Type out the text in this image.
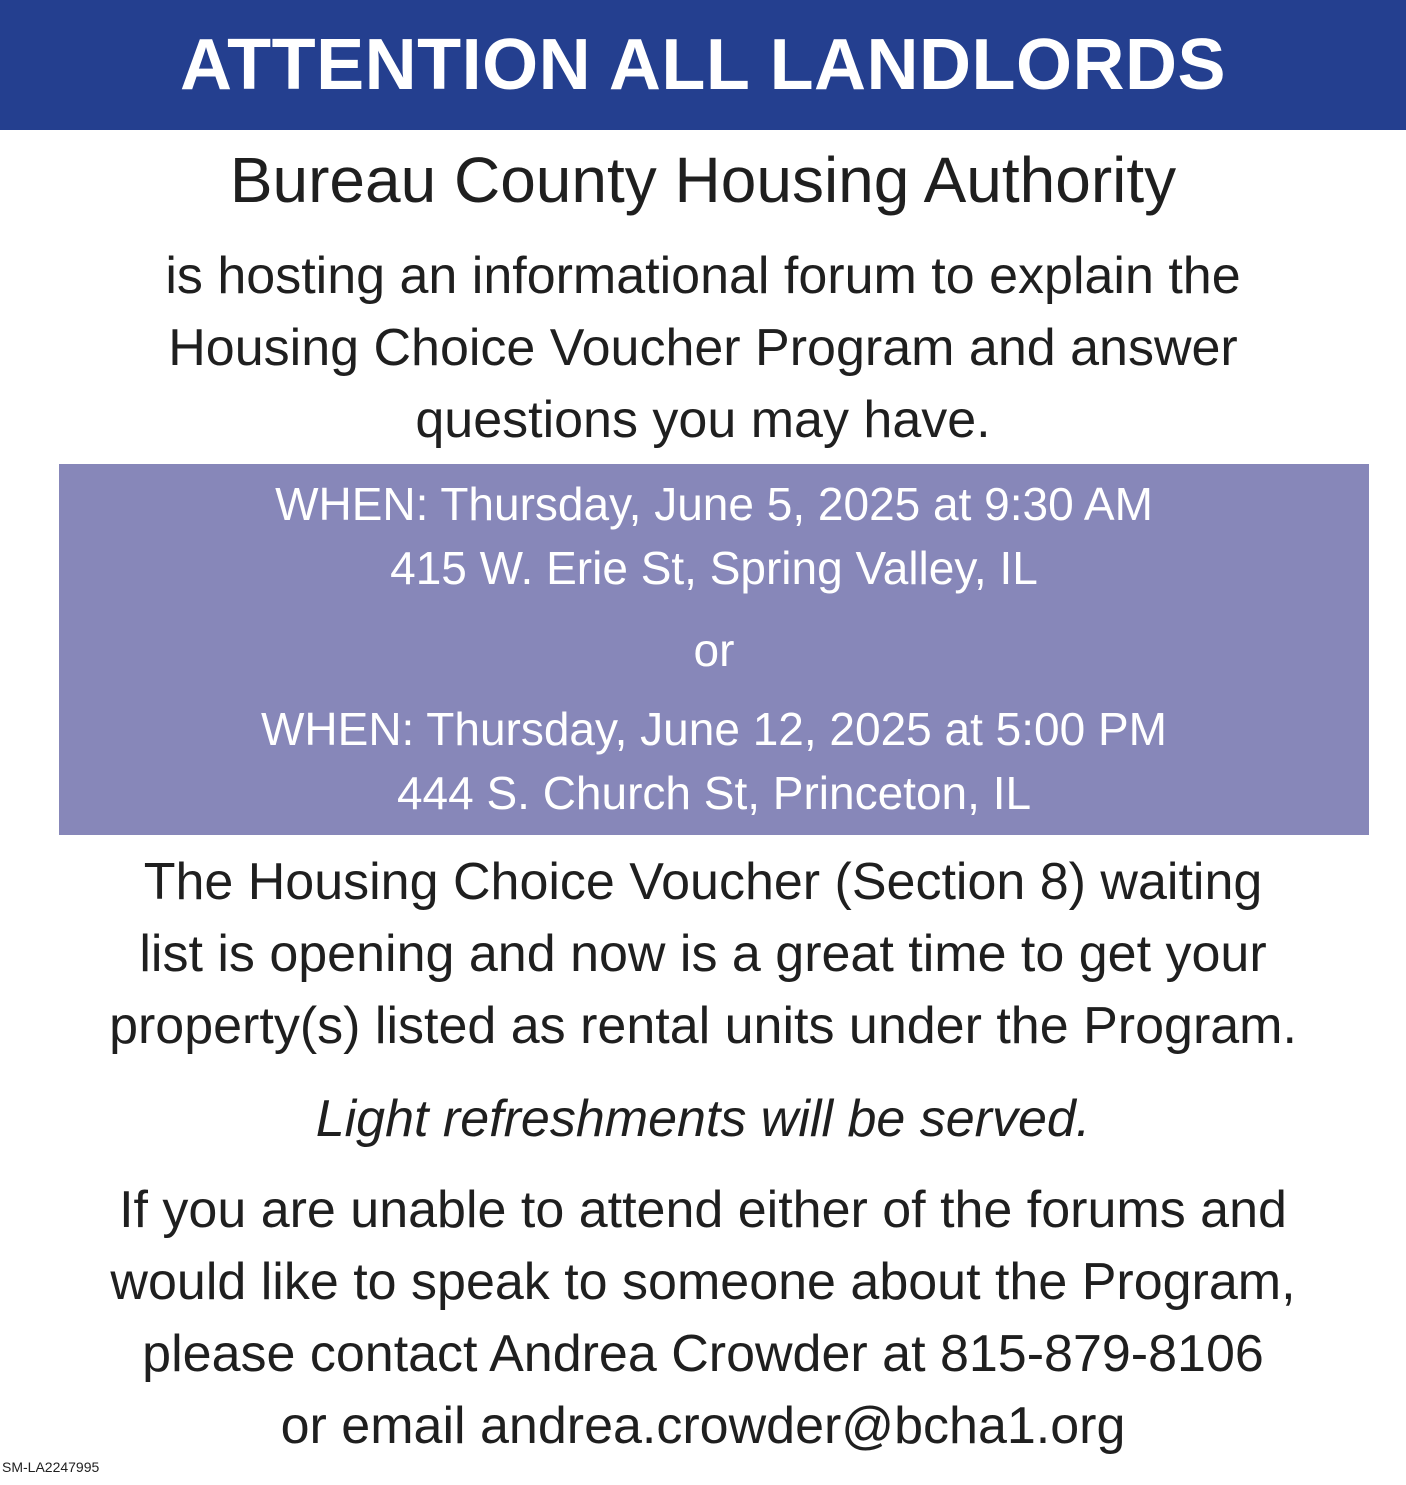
ATTENTION ALL LANDLORDS
Bureau County Housing Authority
is hosting an informational forum to explain the
Housing Choice Voucher Program and answer
questions you may have.
WHEN: Thursday, June 5, 2025 at 9:30 AM
415 W. Erie St, Spring Valley, IL
or
WHEN: Thursday, June 12, 2025 at 5:00 PM
444 S. Church St, Princeton, IL
The Housing Choice Voucher (Section 8) waiting
list is opening and now is a great time to get your
property(s) listed as rental units under the Program.
Light refreshments will be served.
If you are unable to attend either of the forums and
would like to speak to someone about the Program,
please contact Andrea Crowder at 815-879-8106
or email andrea.crowder@bcha1.org
SM-LA2247995
